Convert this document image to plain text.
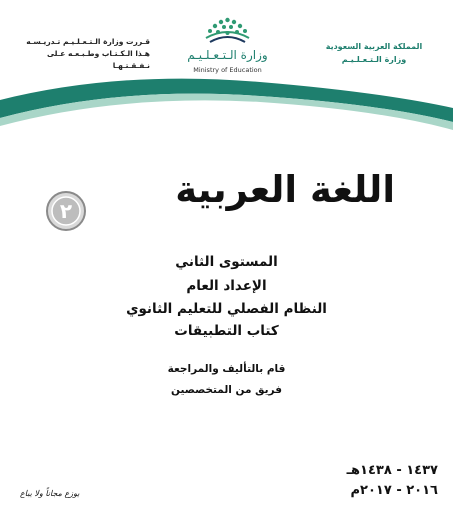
قـررت وزارة الـتـعـلـيـم تـدريـسـه
هـذا الـكـتـاب وطـبـعـه عـلى نـفـقـتـهـا
وزارة الـتـعـلـيـم
Ministry of Education
المملكة العربية السعودية
وزارة الـتـعـلـيـم
اللغة العربية
٢
المستوى الثاني
الإعداد العام
النظام الفصلي للتعليم الثانوي
كتاب التطبيقات
قام بالتأليف والمراجعة
فريق من المتخصصين
١٤٣٧ - ١٤٣٨هـ
٢٠١٦ - ٢٠١٧م
يوزع مجاناً ولا يباع
